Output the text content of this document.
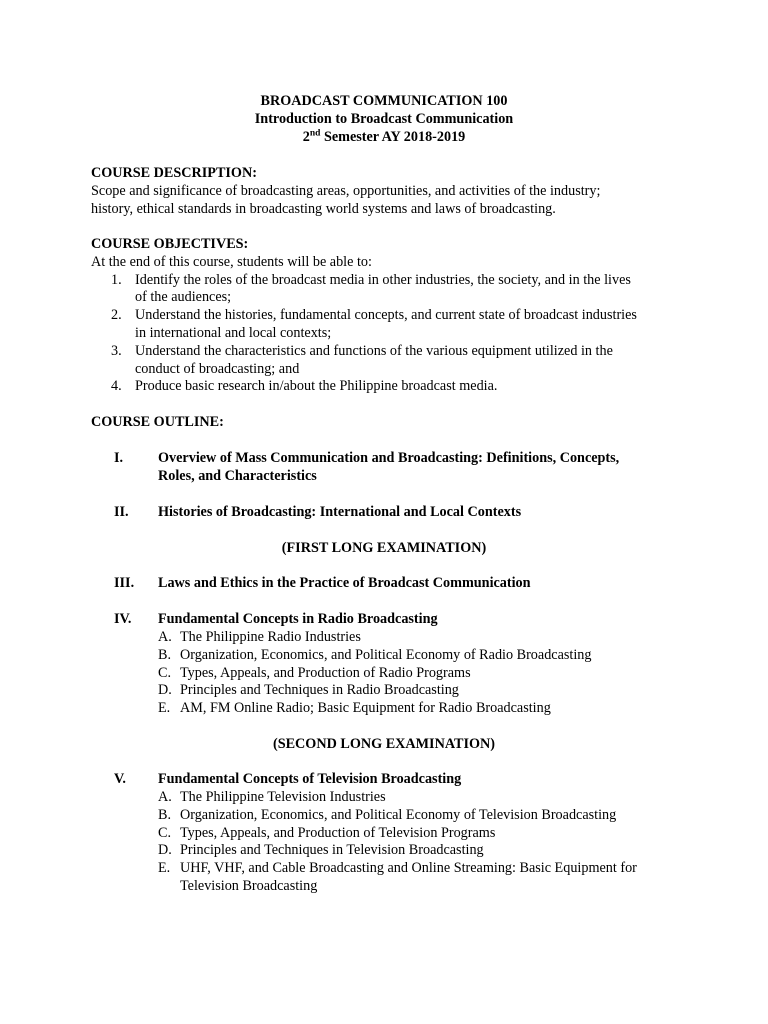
BROADCAST COMMUNICATION 100
Introduction to Broadcast Communication
2nd Semester AY 2018-2019
COURSE DESCRIPTION:
Scope and significance of broadcasting areas, opportunities, and activities of the industry;
history, ethical standards in broadcasting world systems and laws of broadcasting.
COURSE OBJECTIVES:
At the end of this course, students will be able to:
1. Identify the roles of the broadcast media in other industries, the society, and in the lives
of the audiences;
2. Understand the histories, fundamental concepts, and current state of broadcast industries
in international and local contexts;
3. Understand the characteristics and functions of the various equipment utilized in the
conduct of broadcasting; and
4. Produce basic research in/about the Philippine broadcast media.
COURSE OUTLINE:
I. Overview of Mass Communication and Broadcasting: Definitions, Concepts,
Roles, and Characteristics
II. Histories of Broadcasting: International and Local Contexts
(FIRST LONG EXAMINATION)
III. Laws and Ethics in the Practice of Broadcast Communication
IV. Fundamental Concepts in Radio Broadcasting
A. The Philippine Radio Industries
B. Organization, Economics, and Political Economy of Radio Broadcasting
C. Types, Appeals, and Production of Radio Programs
D. Principles and Techniques in Radio Broadcasting
E. AM, FM Online Radio; Basic Equipment for Radio Broadcasting
(SECOND LONG EXAMINATION)
V. Fundamental Concepts of Television Broadcasting
A. The Philippine Television Industries
B. Organization, Economics, and Political Economy of Television Broadcasting
C. Types, Appeals, and Production of Television Programs
D. Principles and Techniques in Television Broadcasting
E. UHF, VHF, and Cable Broadcasting and Online Streaming: Basic Equipment for
Television Broadcasting
